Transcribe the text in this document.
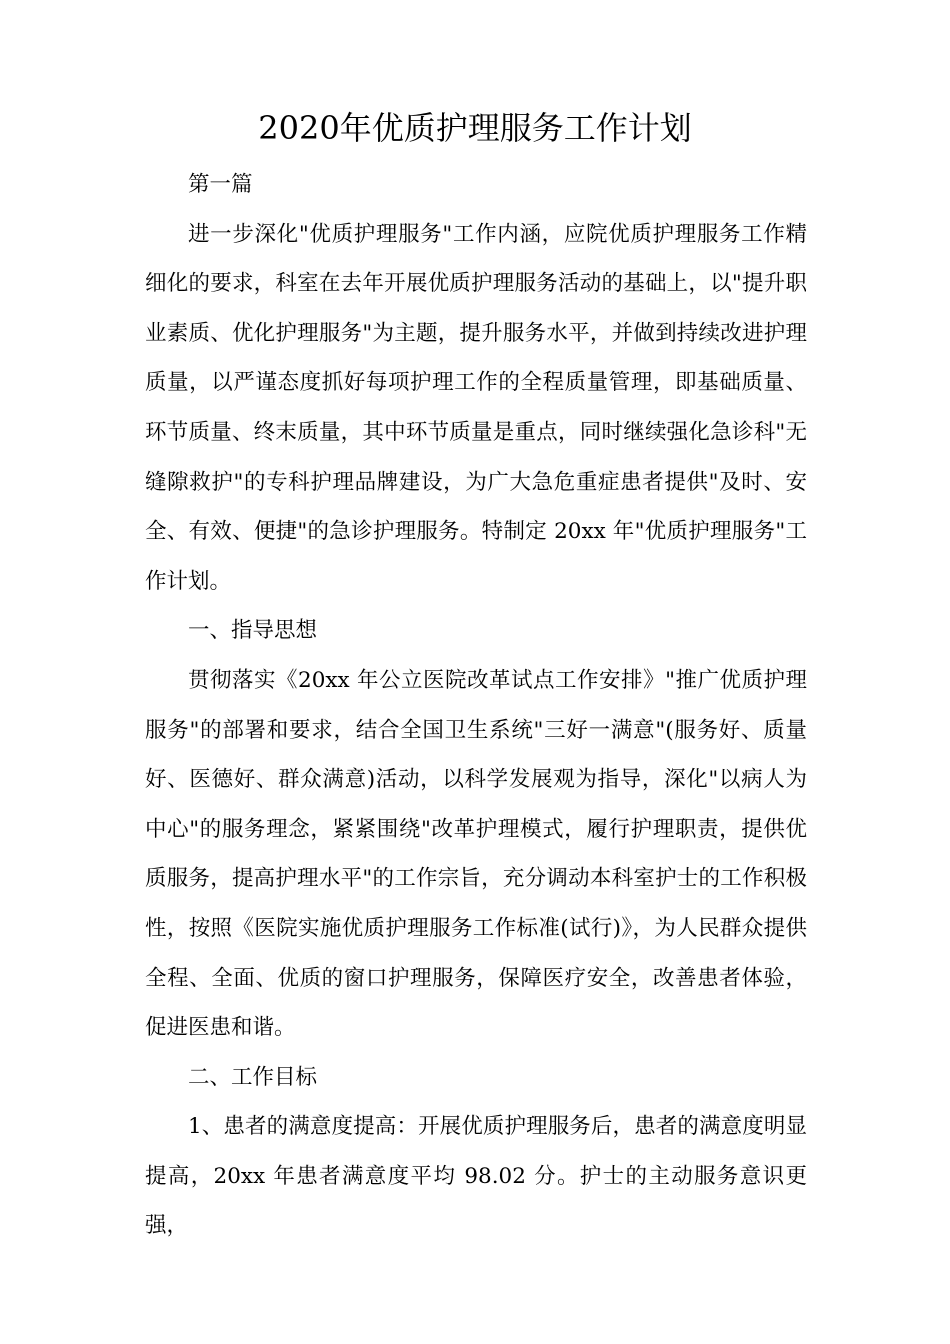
2020年优质护理服务工作计划

第一篇

进一步深化"优质护理服务"工作内涵，应院优质护理服务工作精细化的要求，科室在去年开展优质护理服务活动的基础上，以"提升职业素质、优化护理服务"为主题，提升服务水平，并做到持续改进护理质量，以严谨态度抓好每项护理工作的全程质量管理，即基础质量、环节质量、终末质量，其中环节质量是重点，同时继续强化急诊科"无缝隙救护"的专科护理品牌建设，为广大急危重症患者提供"及时、安全、有效、便捷"的急诊护理服务。特制定 20xx 年"优质护理服务"工作计划。

一、指导思想

贯彻落实《20xx 年公立医院改革试点工作安排》"推广优质护理服务"的部署和要求，结合全国卫生系统"三好一满意"(服务好、质量好、医德好、群众满意)活动，以科学发展观为指导，深化"以病人为中心"的服务理念，紧紧围绕"改革护理模式，履行护理职责，提供优质服务，提高护理水平"的工作宗旨，充分调动本科室护士的工作积极性，按照《医院实施优质护理服务工作标准(试行)》，为人民群众提供全程、全面、优质的窗口护理服务，保障医疗安全，改善患者体验，促进医患和谐。

二、工作目标

1、患者的满意度提高：开展优质护理服务后，患者的满意度明显提高，20xx 年患者满意度平均 98.02 分。护士的主动服务意识更强，
